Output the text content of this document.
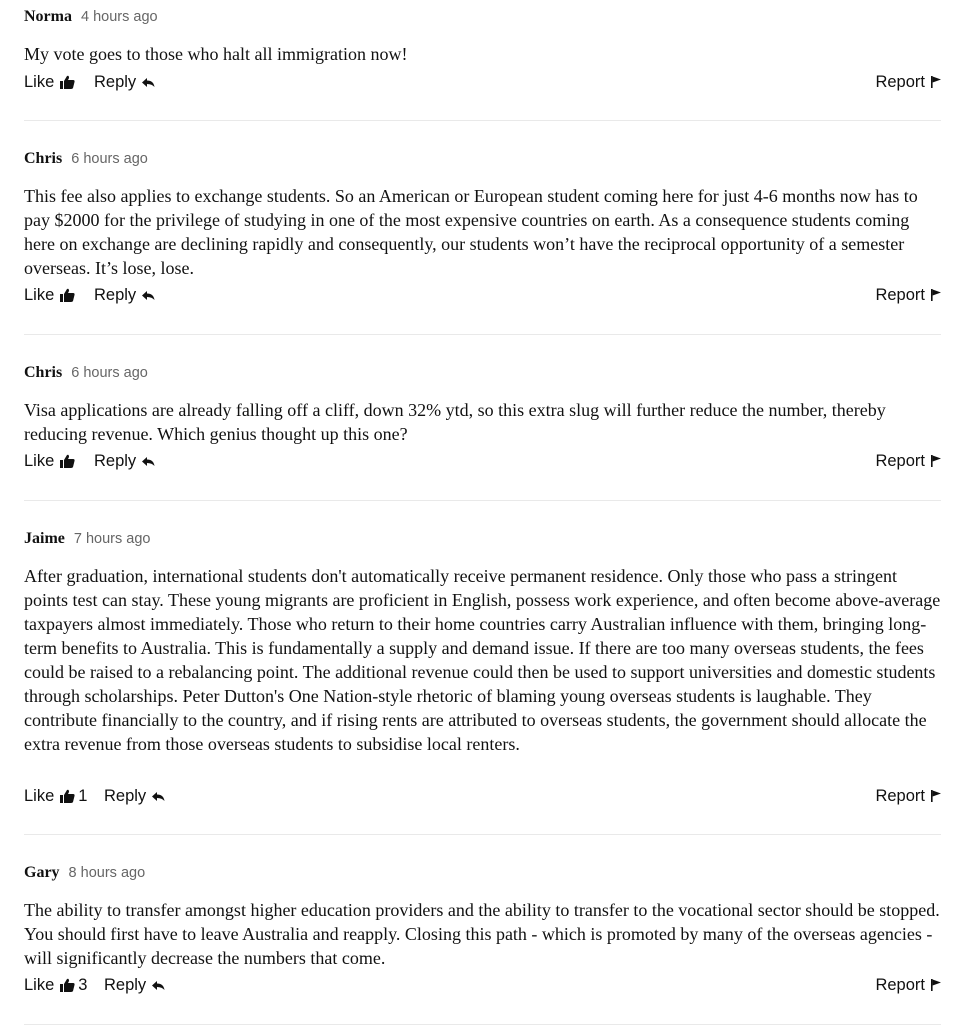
Norma 4 hours ago

My vote goes to those who halt all immigration now!

Like Reply	Report
Chris 6 hours ago

This fee also applies to exchange students. So an American or European student coming here for just 4-6 months now has to pay $2000 for the privilege of studying in one of the most expensive countries on earth. As a consequence students coming here on exchange are declining rapidly and consequently, our students won’t have the reciprocal opportunity of a semester overseas. It’s lose, lose.

Like Reply	Report
Chris 6 hours ago

Visa applications are already falling off a cliff, down 32% ytd, so this extra slug will further reduce the number, thereby reducing revenue. Which genius thought up this one?

Like Reply	Report
Jaime 7 hours ago

After graduation, international students don't automatically receive permanent residence. Only those who pass a stringent points test can stay. These young migrants are proficient in English, possess work experience, and often become above-average taxpayers almost immediately. Those who return to their home countries carry Australian influence with them, bringing long-term benefits to Australia. This is fundamentally a supply and demand issue. If there are too many overseas students, the fees could be raised to a rebalancing point. The additional revenue could then be used to support universities and domestic students through scholarships. Peter Dutton's One Nation-style rhetoric of blaming young overseas students is laughable. They contribute financially to the country, and if rising rents are attributed to overseas students, the government should allocate the extra revenue from those overseas students to subsidise local renters.

Like 1 Reply	Report
Gary 8 hours ago

The ability to transfer amongst higher education providers and the ability to transfer to the vocational sector should be stopped. You should first have to leave Australia and reapply. Closing this path - which is promoted by many of the overseas agencies - will significantly decrease the numbers that come.

Like 3 Reply	Report
